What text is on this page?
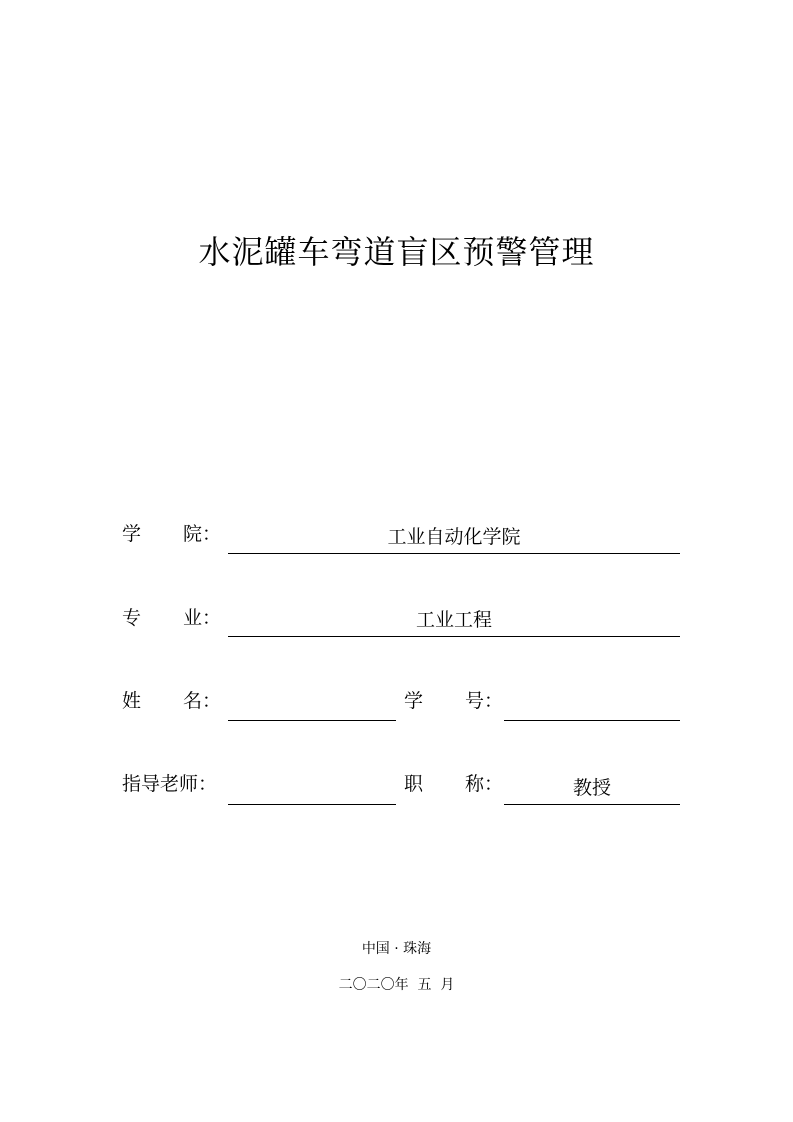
水泥罐车弯道盲区预警管理
学 院：	工业自动化学院
专 业：	工业工程
姓 名：	学 号：
指导老师：	职 称：	教授
中国 · 珠海
二〇二〇年  五  月
